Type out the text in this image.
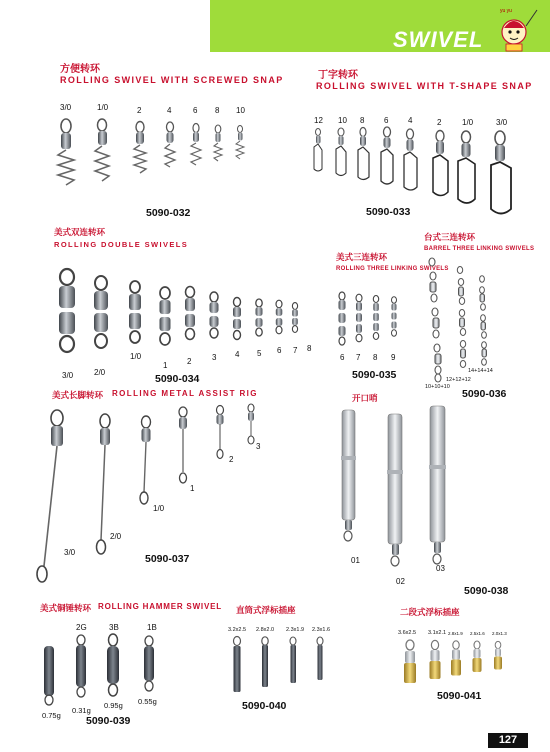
SWIVEL
yu yu
方便转环
ROLLING SWIVEL WITH SCREWED SNAP
3/0	1/0	2	4	6 8 10
5090-032
丁字转环
ROLLING SWIVEL WITH T-SHAPE SNAP
12 10 8 6 4	2	1/0	3/0
5090-033
美式双连转环
ROLLING DOUBLE SWIVELS
3/0	2/0
1/0
1 2	3 4 5 6 7 8
5090-034
美式三连转环
ROLLING THREE LINKING SWIVELS
6 7 8 9
5090-035
台式三连转环
BARREL THREE LINKING SWIVELS
10+10+10
12+12+12
14+14+14
5090-036
美式长脚转环 ROLLING METAL ASSIST RIG
3/0
2/0
1/0
1
2
3
5090-037
开口哨
01
02
03
5090-038
美式铜锤转环 ROLLING HAMMER SWIVEL
2G	3B	1B
0.75g
0.31g
0.95g 0.55g
5090-039
直筒式浮标插座
3.2x2.5 2.8x2.0 2.3x1.9 2.3x1.6
5090-040
二段式浮标插座
3.6x2.5 3.1x2.1 2.8x1.9 2.5x1.6 2.0x1.3
5090-041
127
